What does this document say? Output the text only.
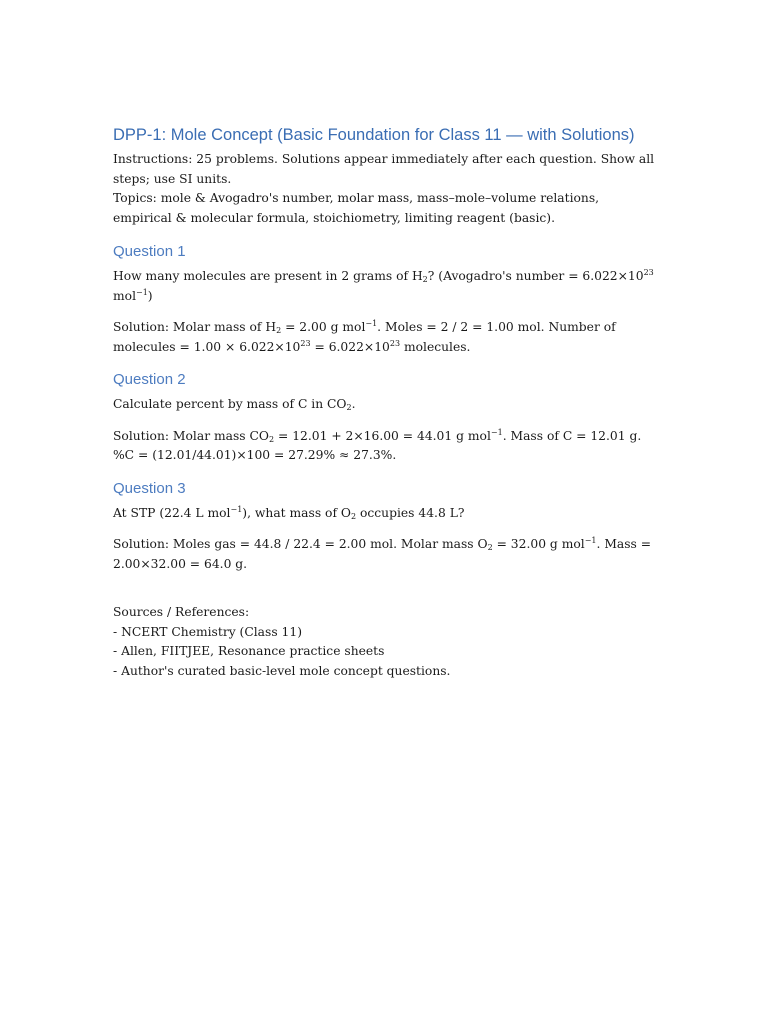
DPP-1: Mole Concept (Basic Foundation for Class 11 — with Solutions)

Instructions: 25 problems. Solutions appear immediately after each question. Show all steps; use SI units.

Topics: mole & Avogadro's number, molar mass, mass–mole–volume relations, empirical & molecular formula, stoichiometry, limiting reagent (basic).

Question 1

How many molecules are present in 2 grams of $H_2$? (Avogadro's number = $6.022\times 10^{23}$ mol$^{-1}$)

Solution: Molar mass of $H_2 = 2.00$ g mol$^{-1}$. Moles = 2 / 2 = 1.00 mol. Number of molecules = $1.00 \times 6.022\times 10^{23} = 6.022\times 10^{23}$ molecules.

Question 2

Calculate percent by mass of C in $CO_2$.

Solution: Molar mass $CO_2 = 12.01 + 2\times 16.00 = 44.01$ g mol$^{-1}$. Mass of C = 12.01 g. %C = (12.01/44.01)×100 = 27.29% ≈ 27.3%.

Question 3

At STP (22.4 L mol$^{-1}$), what mass of $O_2$ occupies 44.8 L?

Solution: Moles gas = 44.8 / 22.4 = 2.00 mol. Molar mass $O_2 = 32.00$ g mol$^{-1}$. Mass = 2.00×32.00 = 64.0 g.

Sources / References:

- NCERT Chemistry (Class 11)

- Allen, FIITJEE, Resonance practice sheets

- Author's curated basic-level mole concept questions.
